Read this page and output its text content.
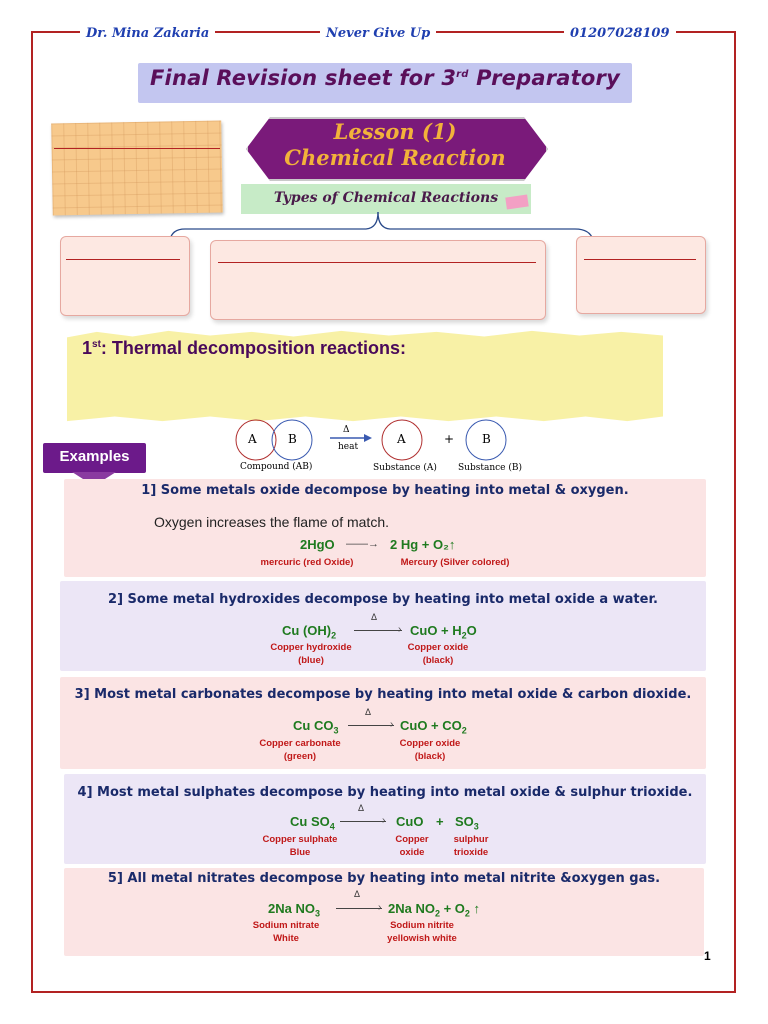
Dr. Mina Zakaria	Never Give Up	01207028109
Final Revision sheet for 3rd Preparatory
Lesson (1)
Chemical Reaction
Types of Chemical Reactions
1st: Thermal decomposition reactions:
A	B
Δ
heat
A	+ B
Compound (AB)	Substance (A) Substance (B)
Examples
1] Some metals oxide decompose by heating into metal & oxygen.
Oxygen increases the flame of match.
2HgO ——→ 2 Hg + O₂↑
mercuric (red Oxide)	Mercury (Silver colored)
2] Some metal hydroxides decompose by heating into metal oxide a water.
Cu $(OH)_2$
Δ
› CuO + $H_2O$
Copper hydroxide
(blue)
Copper oxide
(black)
3] Most metal carbonates decompose by heating into metal oxide & carbon dioxide.
Cu $CO_3$
Δ
› CuO + $CO_2$
Copper carbonate
(green)
Copper oxide
(black)
4] Most metal sulphates decompose by heating into metal oxide & sulphur trioxide.
Cu $SO_4$
Δ
› CuO + $SO_3$
Copper sulphate
Blue
Copper
oxide
sulphur
trioxide
5] All metal nitrates decompose by heating into metal nitrite &oxygen gas.
2Na $NO_3$
Δ
› 2Na $NO_2 + O_2$ ↑
Sodium nitrate
White
Sodium nitrite
yellowish white
1
